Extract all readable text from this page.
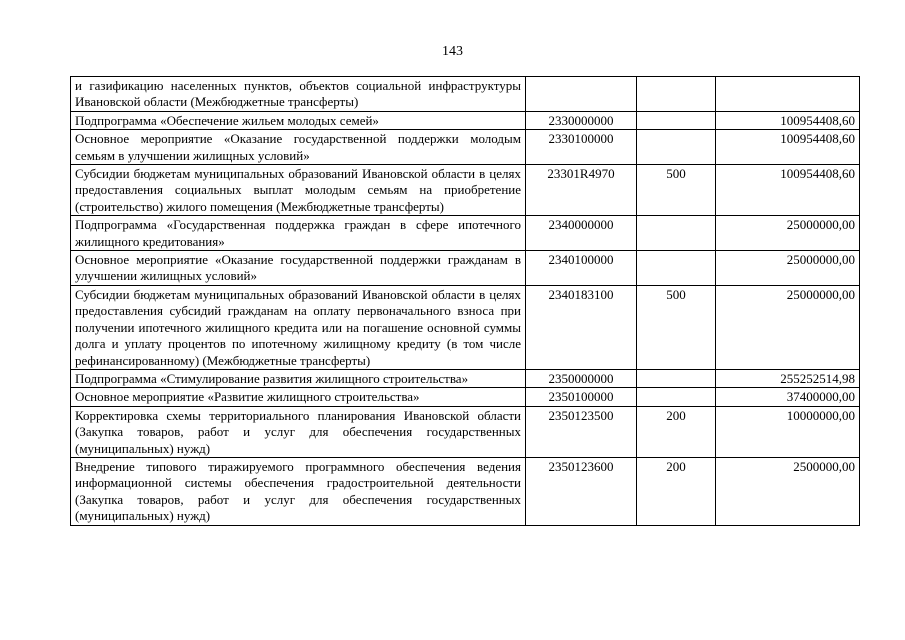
143
и газификацию населенных пунктов, объектов социальной инфраструктуры Ивановской области (Межбюджетные трансферты)			
Подпрограмма «Обеспечение жильем молодых семей»	2330000000		100954408,60
Основное мероприятие «Оказание государственной поддержки молодым семьям в улучшении жилищных условий»	2330100000		100954408,60
Субсидии бюджетам муниципальных образований Ивановской области в целях предоставления социальных выплат молодым семьям на приобретение (строительство) жилого помещения (Межбюджетные трансферты)	23301R4970	500	100954408,60
Подпрограмма «Государственная поддержка граждан в сфере ипотечного жилищного кредитования»	2340000000		25000000,00
Основное мероприятие «Оказание государственной поддержки гражданам в улучшении жилищных условий»	2340100000		25000000,00
Субсидии бюджетам муниципальных образований Ивановской области в целях предоставления субсидий гражданам на оплату первоначального взноса при получении ипотечного жилищного кредита или на погашение основной суммы долга и уплату процентов по ипотечному жилищному кредиту (в том числе рефинансированному) (Межбюджетные трансферты)	2340183100	500	25000000,00
Подпрограмма «Стимулирование развития жилищного строительства»	2350000000		255252514,98
Основное мероприятие «Развитие жилищного строительства»	2350100000		37400000,00
Корректировка схемы территориального планирования Ивановской области (Закупка товаров, работ и услуг для обеспечения государственных (муниципальных) нужд)	2350123500	200	10000000,00
Внедрение типового тиражируемого программного обеспечения ведения информационной системы обеспечения градостроительной деятельности (Закупка товаров, работ и услуг для обеспечения государственных (муниципальных) нужд)	2350123600	200	2500000,00
